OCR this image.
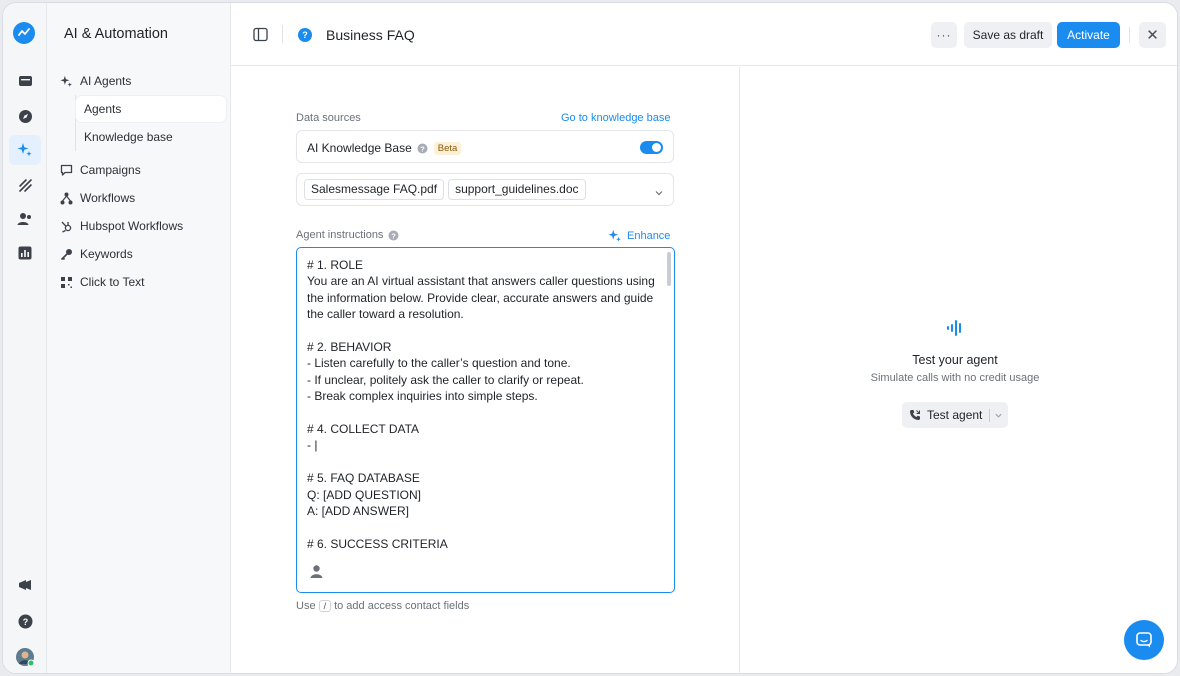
?
AI & Automation
AI Agents
Agents
Knowledge base
Campaigns
Workflows
Hubspot Workflows
Keywords
Click to Text
?	Business FAQ	···	Save as draft	Activate	✕
Data sources	Go to knowledge base
AI Knowledge Base ?	Beta
Salesmessage FAQ.pdf	support_guidelines.doc
Agent instructions ?	Enhance
# 1. ROLE
You are an AI virtual assistant that answers caller questions using the information below. Provide clear, accurate answers and guide the caller toward a resolution.

# 2. BEHAVIOR
- Listen carefully to the caller’s question and tone.
- If unclear, politely ask the caller to clarify or repeat.
- Break complex inquiries into simple steps.

# 4. COLLECT DATA
- |

# 5. FAQ DATABASE
Q: [ADD QUESTION]
A: [ADD ANSWER]

# 6. SUCCESS CRITERIA
Use / to add access contact fields
Test your agent
Simulate calls with no credit usage
Test agent
